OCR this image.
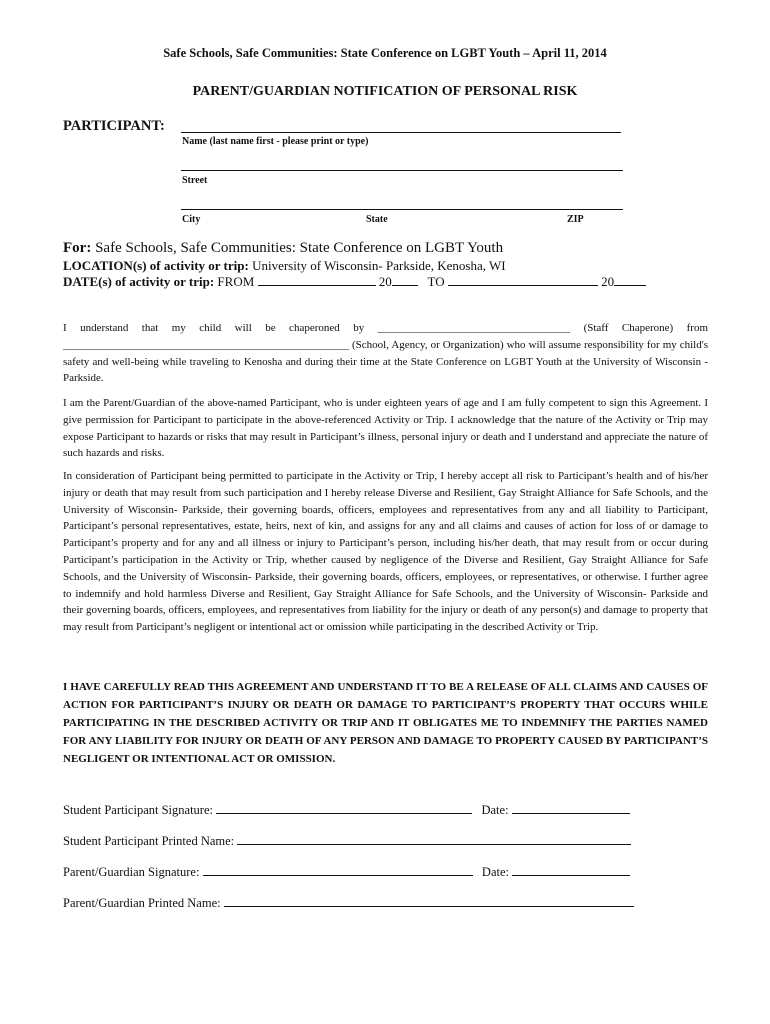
Safe Schools, Safe Communities: State Conference on LGBT Youth – April 11, 2014
PARENT/GUARDIAN NOTIFICATION OF PERSONAL RISK
PARTICIPANT:
Name (last name first - please print or type)
Street
City	State	ZIP
For: Safe Schools, Safe Communities: State Conference on LGBT Youth
LOCATION(s) of activity or trip: University of Wisconsin- Parkside, Kenosha, WI
DATE(s) of activity or trip: FROM	20	TO	20
I understand that my child will be chaperoned by ___________________________________ (Staff Chaperone) from ____________________________________________________ (School, Agency, or Organization) who will assume responsibility for my child's safety and well-being while traveling to Kenosha and during their time at the State Conference on LGBT Youth at the University of Wisconsin - Parkside.
I am the Parent/Guardian of the above-named Participant, who is under eighteen years of age and I am fully competent to sign this Agreement. I give permission for Participant to participate in the above-referenced Activity or Trip. I acknowledge that the nature of the Activity or Trip may expose Participant to hazards or risks that may result in Participant’s illness, personal injury or death and I understand and appreciate the nature of such hazards and risks.
In consideration of Participant being permitted to participate in the Activity or Trip, I hereby accept all risk to Participant’s health and of his/her injury or death that may result from such participation and I hereby release Diverse and Resilient, Gay Straight Alliance for Safe Schools, and the University of Wisconsin- Parkside, their governing boards, officers, employees and representatives from any and all liability to Participant, Participant’s personal representatives, estate, heirs, next of kin, and assigns for any and all claims and causes of action for loss of or damage to Participant’s property and for any and all illness or injury to Participant’s person, including his/her death, that may result from or occur during Participant’s participation in the Activity or Trip, whether caused by negligence of the Diverse and Resilient, Gay Straight Alliance for Safe Schools, and the University of Wisconsin- Parkside, their governing boards, officers, employees, or representatives, or otherwise. I further agree to indemnify and hold harmless Diverse and Resilient, Gay Straight Alliance for Safe Schools, and the University of Wisconsin- Parkside and their governing boards, officers, employees, and representatives from liability for the injury or death of any person(s) and damage to property that may result from Participant’s negligent or intentional act or omission while participating in the described Activity or Trip.
I HAVE CAREFULLY READ THIS AGREEMENT AND UNDERSTAND IT TO BE A RELEASE OF ALL CLAIMS AND CAUSES OF ACTION FOR PARTICIPANT’S INJURY OR DEATH OR DAMAGE TO PARTICIPANT’S PROPERTY THAT OCCURS WHILE PARTICIPATING IN THE DESCRIBED ACTIVITY OR TRIP AND IT OBLIGATES ME TO INDEMNIFY THE PARTIES NAMED FOR ANY LIABILITY FOR INJURY OR DEATH OF ANY PERSON AND DAMAGE TO PROPERTY CAUSED BY PARTICIPANT’S NEGLIGENT OR INTENTIONAL ACT OR OMISSION.
Student Participant Signature:	Date:
Student Participant Printed Name:
Parent/Guardian Signature:	Date:
Parent/Guardian Printed Name:
